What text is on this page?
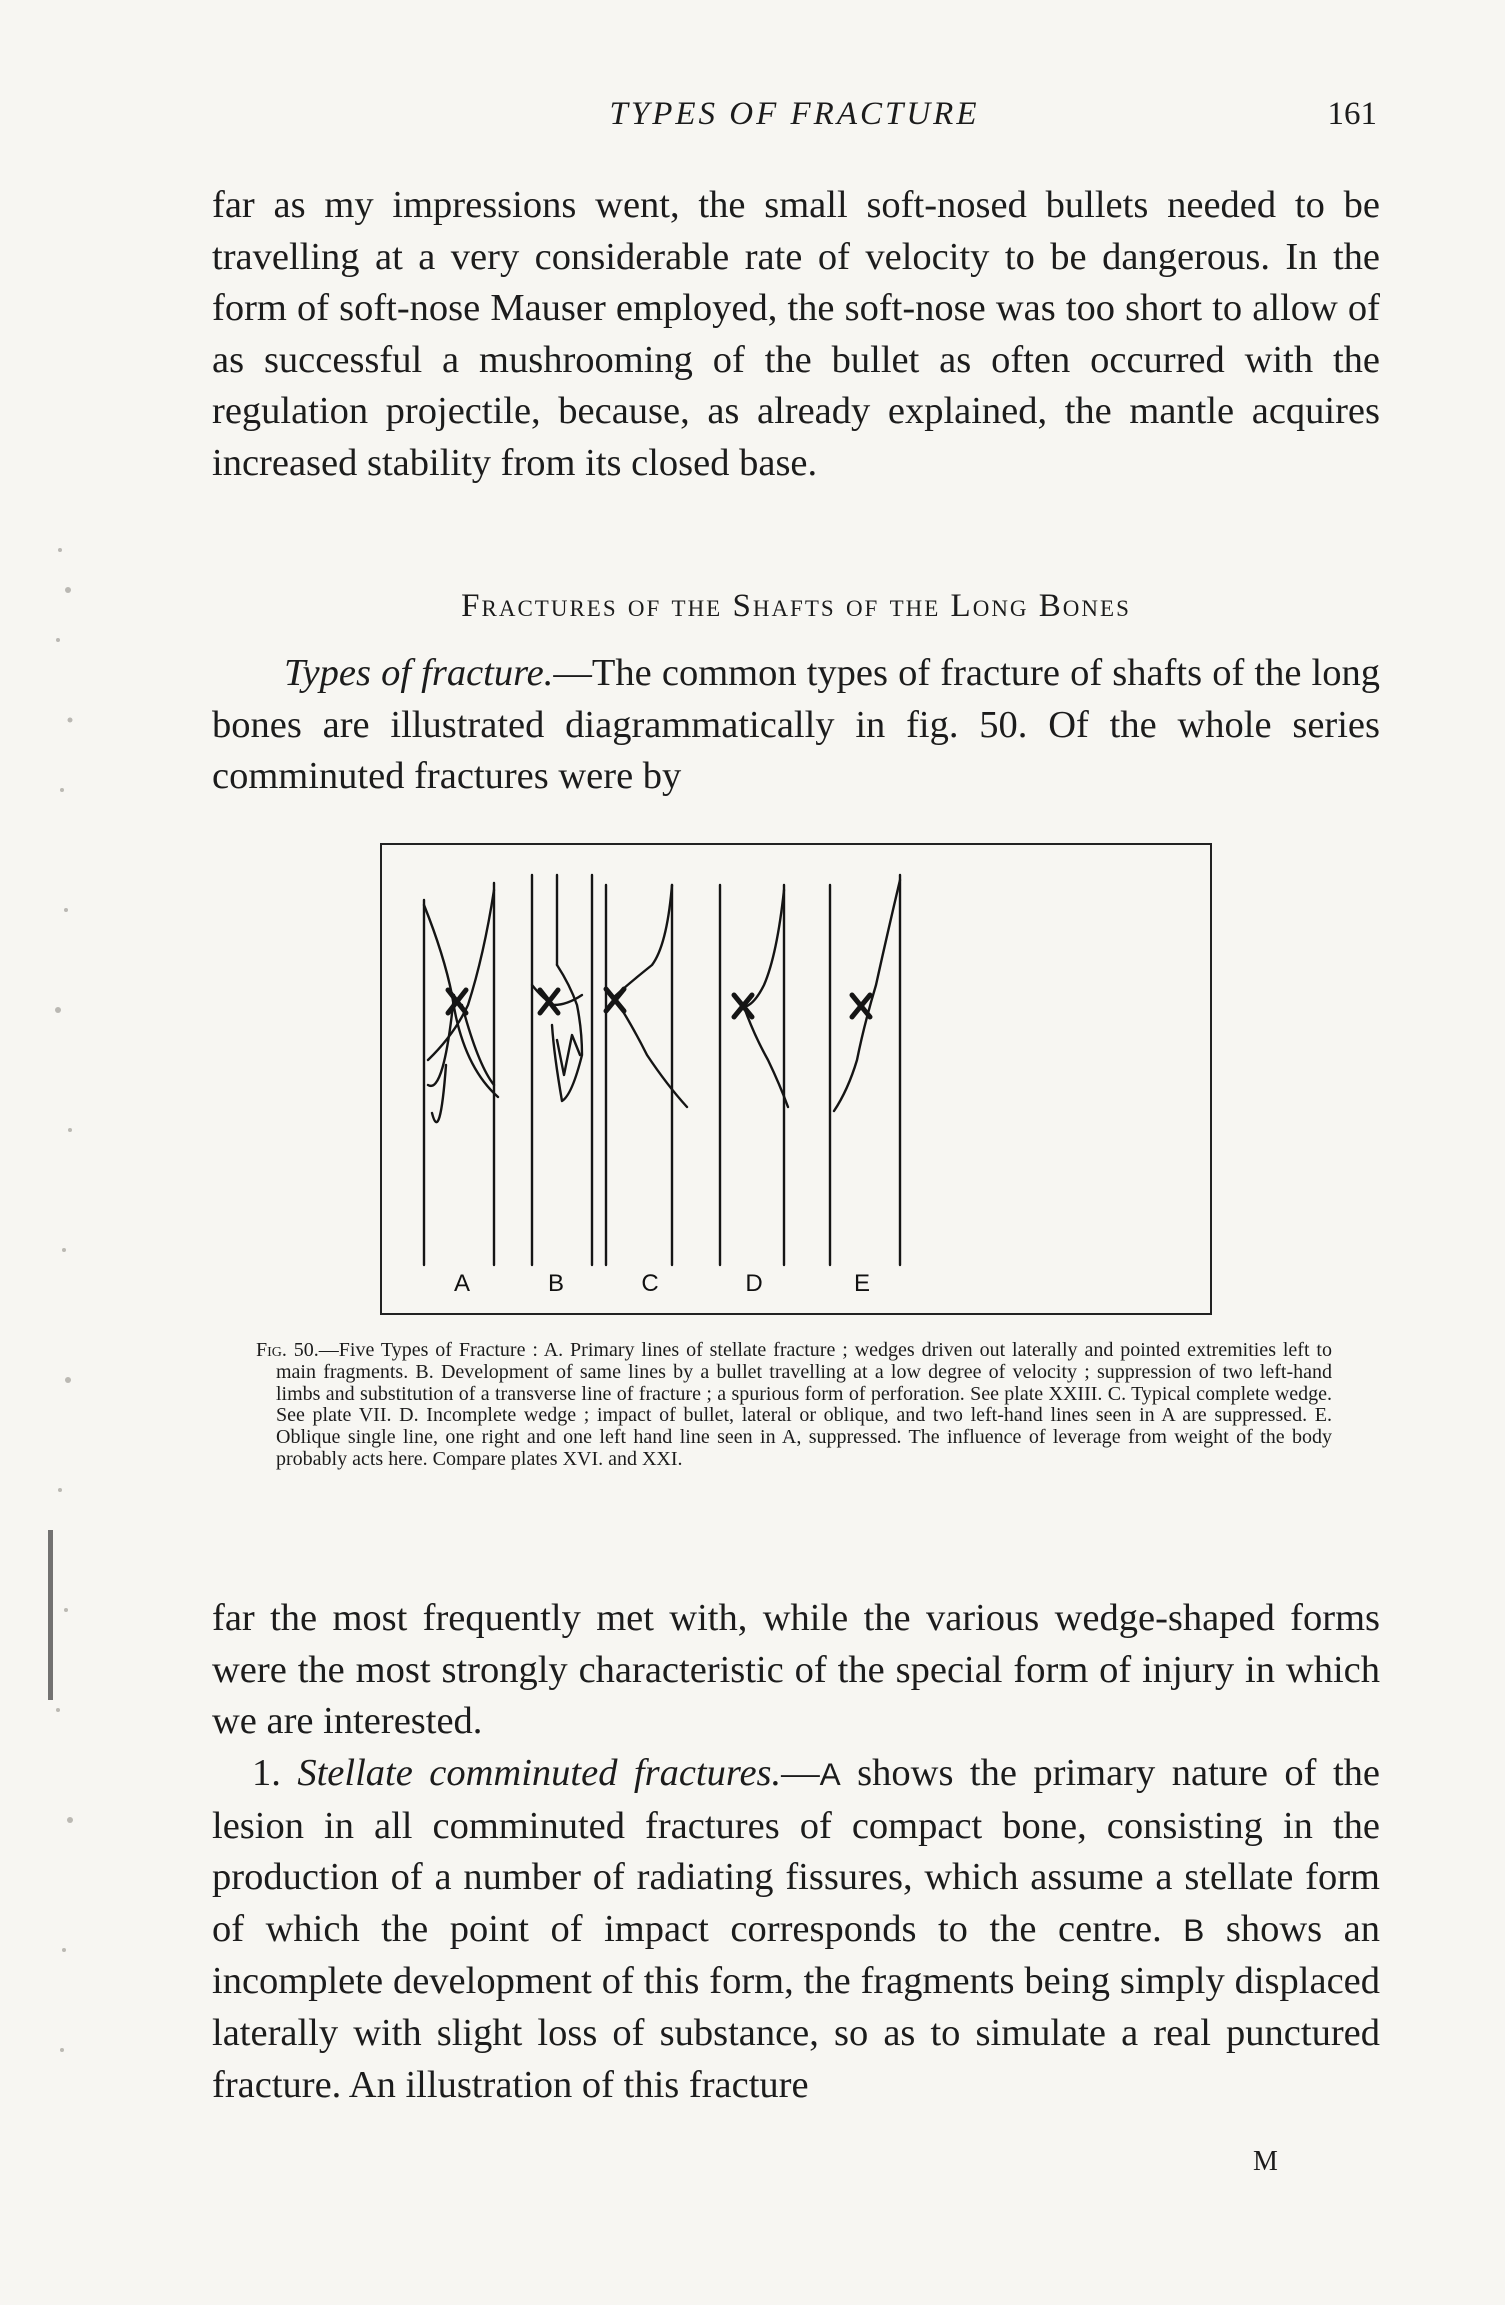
TYPES OF FRACTURE	161

far as my impressions went, the small soft-nosed bullets needed to be travelling at a very considerable rate of velocity to be dangerous. In the form of soft-nose Mauser employed, the soft-nose was too short to allow of as successful a mushrooming of the bullet as often occurred with the regulation projectile, because, as already explained, the mantle acquires increased stability from its closed base.

Fractures of the Shafts of the Long Bones

Types of fracture.—The common types of fracture of shafts of the long bones are illustrated diagrammatically in fig. 50. Of the whole series comminuted fractures were by

A	B	C	D	E

Fig. 50.—Five Types of Fracture : A. Primary lines of stellate fracture ; wedges driven out laterally and pointed extremities left to main fragments. B. Development of same lines by a bullet travelling at a low degree of velocity ; suppression of two left-hand limbs and substitution of a transverse line of fracture ; a spurious form of perforation. See plate XXIII. C. Typical complete wedge. See plate VII. D. Incomplete wedge ; impact of bullet, lateral or oblique, and two left-hand lines seen in A are suppressed. E. Oblique single line, one right and one left hand line seen in A, suppressed. The influence of leverage from weight of the body probably acts here. Compare plates XVI. and XXI.

far the most frequently met with, while the various wedge-shaped forms were the most strongly characteristic of the special form of injury in which we are interested.

1. Stellate comminuted fractures.—A shows the primary nature of the lesion in all comminuted fractures of compact bone, consisting in the production of a number of radiating fissures, which assume a stellate form of which the point of impact corresponds to the centre. B shows an incomplete development of this form, the fragments being simply displaced laterally with slight loss of substance, so as to simulate a real punctured fracture. An illustration of this fracture

M
